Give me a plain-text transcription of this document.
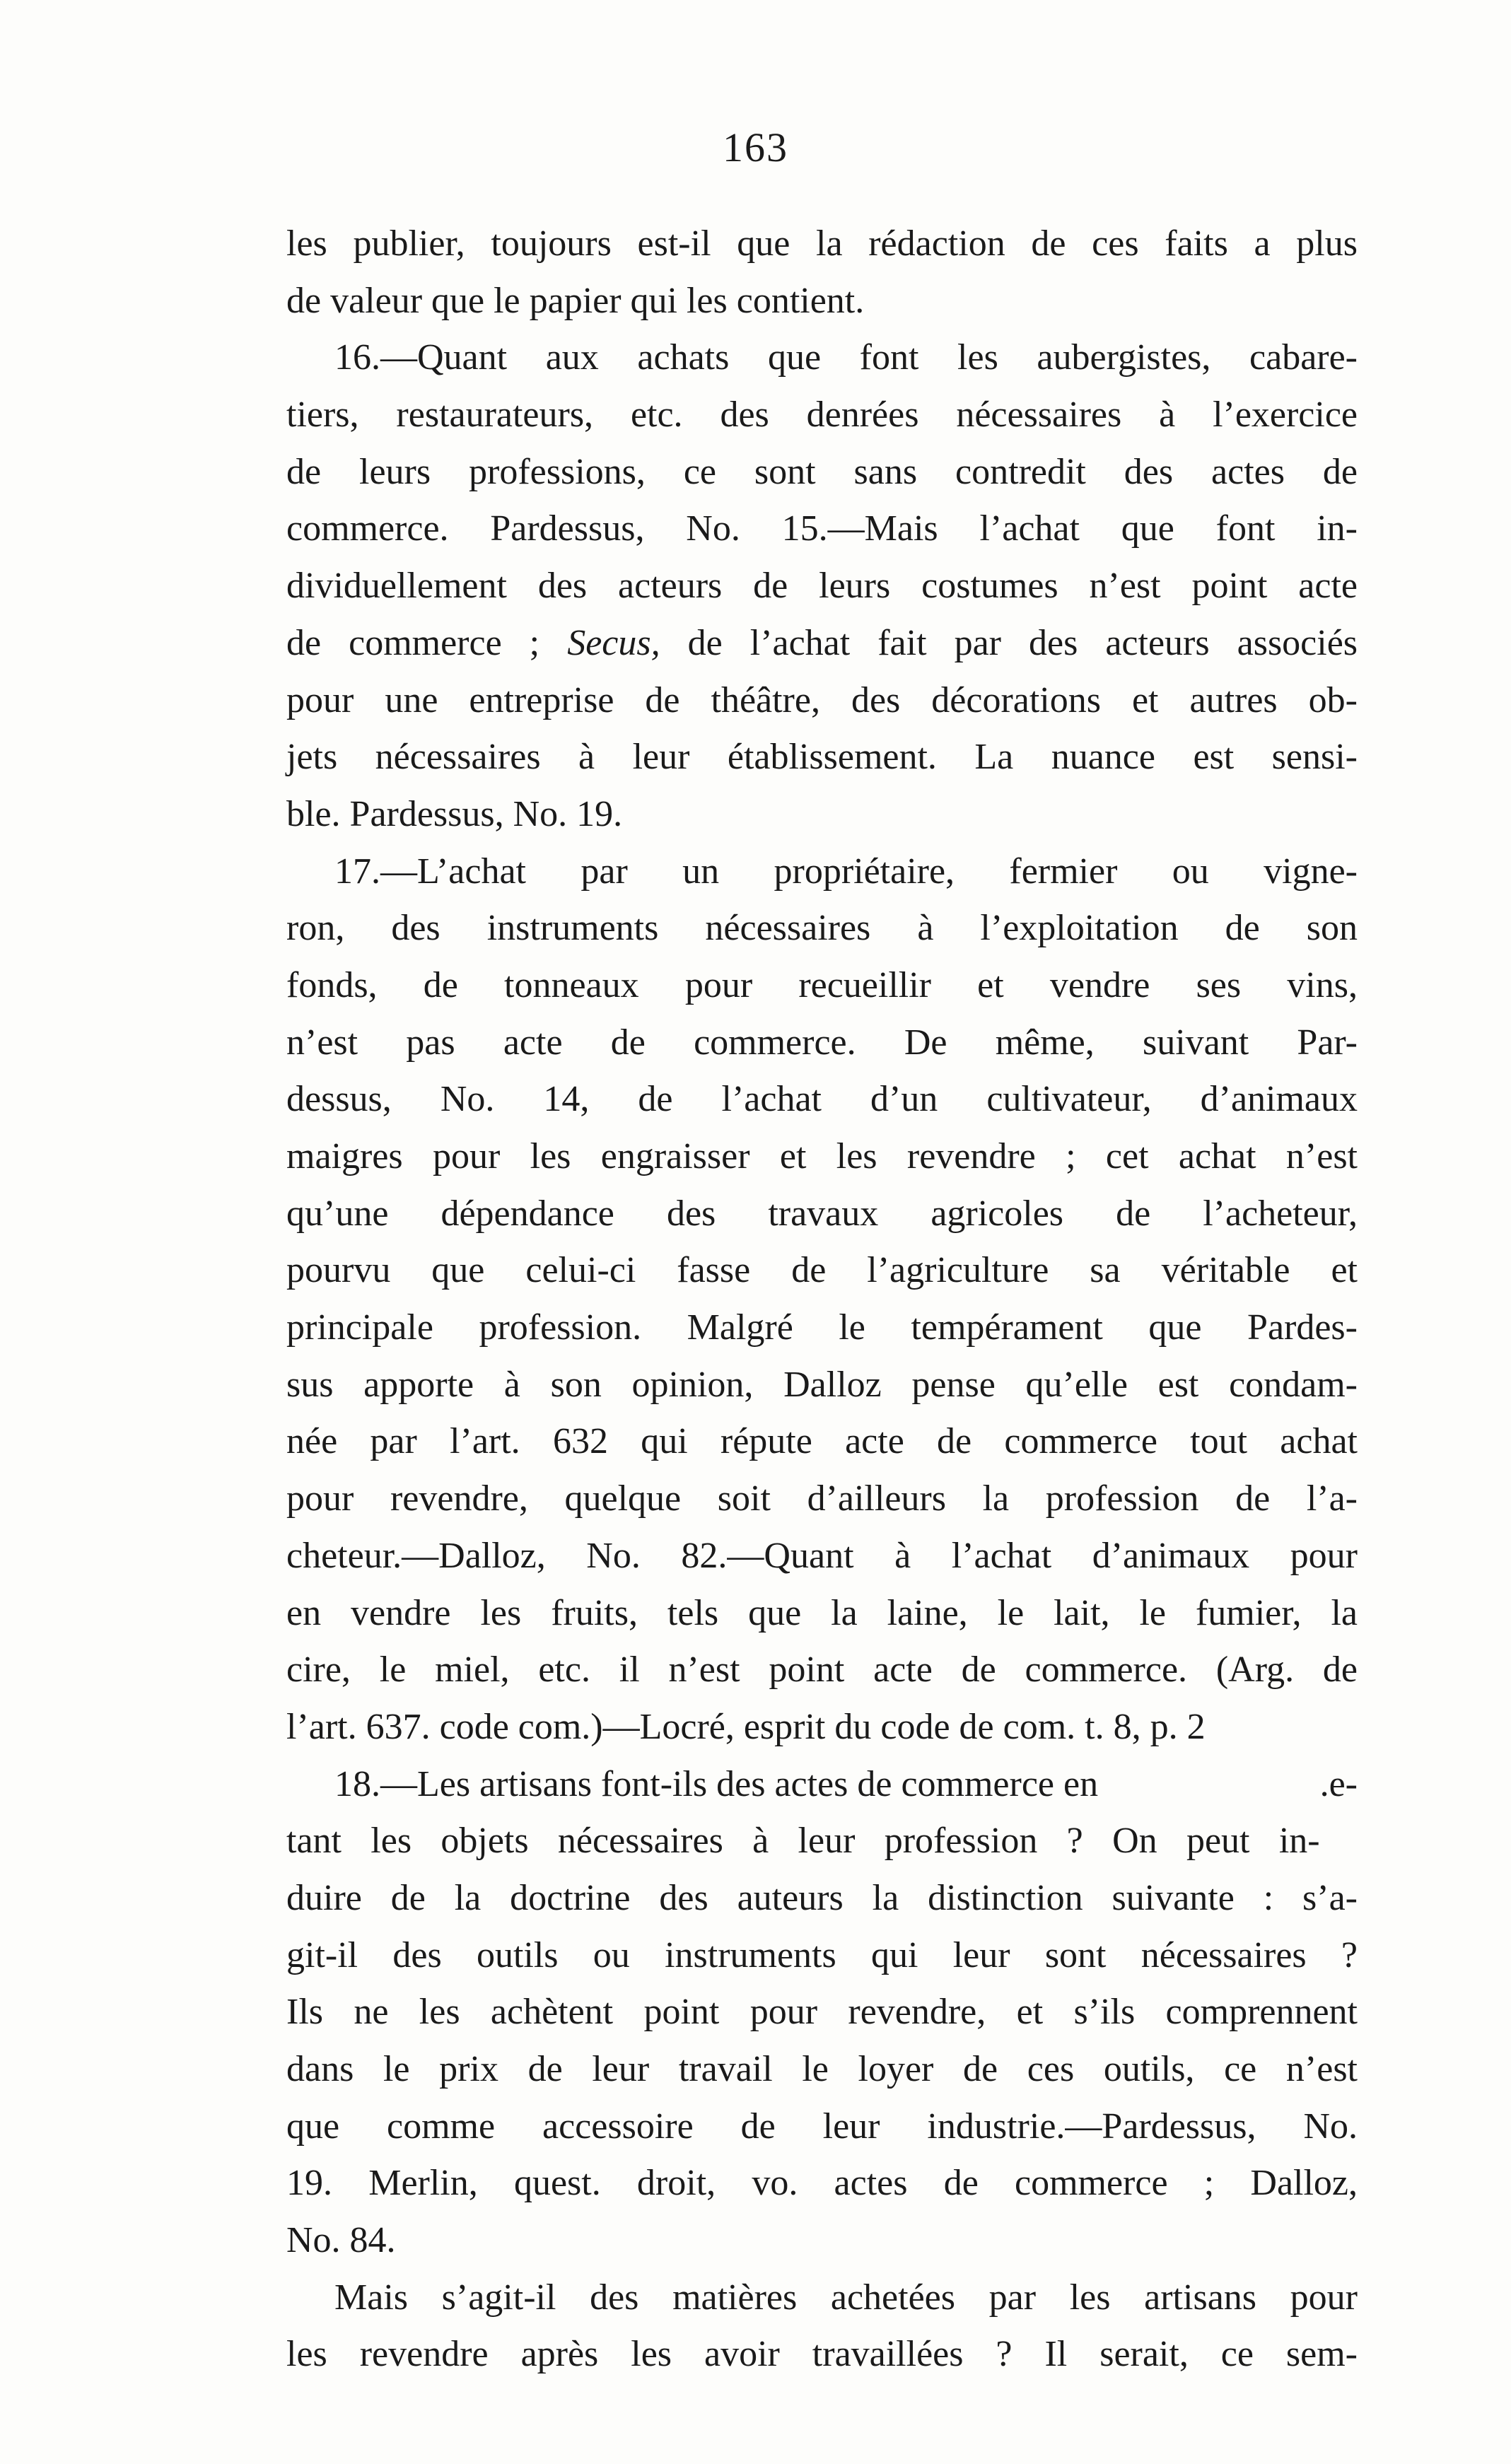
163
les publier, toujours est-il que la rédaction de ces faits a plus
de valeur que le papier qui les contient.
16.—Quant aux achats que font les aubergistes, cabare-
tiers, restaurateurs, etc. des denrées nécessaires à l’exercice
de leurs professions, ce sont sans contredit des actes de
commerce. Pardessus, No. 15.—Mais l’achat que font in-
dividuellement des acteurs de leurs costumes n’est point acte
de commerce ; Secus, de l’achat fait par des acteurs associés
pour une entreprise de théâtre, des décorations et autres ob-
jets nécessaires à leur établissement. La nuance est sensi-
ble. Pardessus, No. 19.
17.—L’achat par un propriétaire, fermier ou vigne-
ron, des instruments nécessaires à l’exploitation de son
fonds, de tonneaux pour recueillir et vendre ses vins,
n’est pas acte de commerce. De même, suivant Par-
dessus, No. 14, de l’achat d’un cultivateur, d’animaux
maigres pour les engraisser et les revendre ; cet achat n’est
qu’une dépendance des travaux agricoles de l’acheteur,
pourvu que celui-ci fasse de l’agriculture sa véritable et
principale profession. Malgré le tempérament que Pardes-
sus apporte à son opinion, Dalloz pense qu’elle est condam-
née par l’art. 632 qui répute acte de commerce tout achat
pour revendre, quelque soit d’ailleurs la profession de l’a-
cheteur.—Dalloz, No. 82.—Quant à l’achat d’animaux pour
en vendre les fruits, tels que la laine, le lait, le fumier, la
cire, le miel, etc. il n’est point acte de commerce. (Arg. de
l’art. 637. code com.)—Locré, esprit du code de com. t. 8, p. 2
18.—Les artisans font-ils des actes de commerce en	.e-
tant les objets nécessaires à leur profession ? On peut in-
duire de la doctrine des auteurs la distinction suivante : s’a-
git-il des outils ou instruments qui leur sont nécessaires ?
Ils ne les achètent point pour revendre, et s’ils comprennent
dans le prix de leur travail le loyer de ces outils, ce n’est
que comme accessoire de leur industrie.—Pardessus, No.
19. Merlin, quest. droit, vo. actes de commerce ; Dalloz,
No. 84.
Mais s’agit-il des matières achetées par les artisans pour
les revendre après les avoir travaillées ? Il serait, ce sem-
